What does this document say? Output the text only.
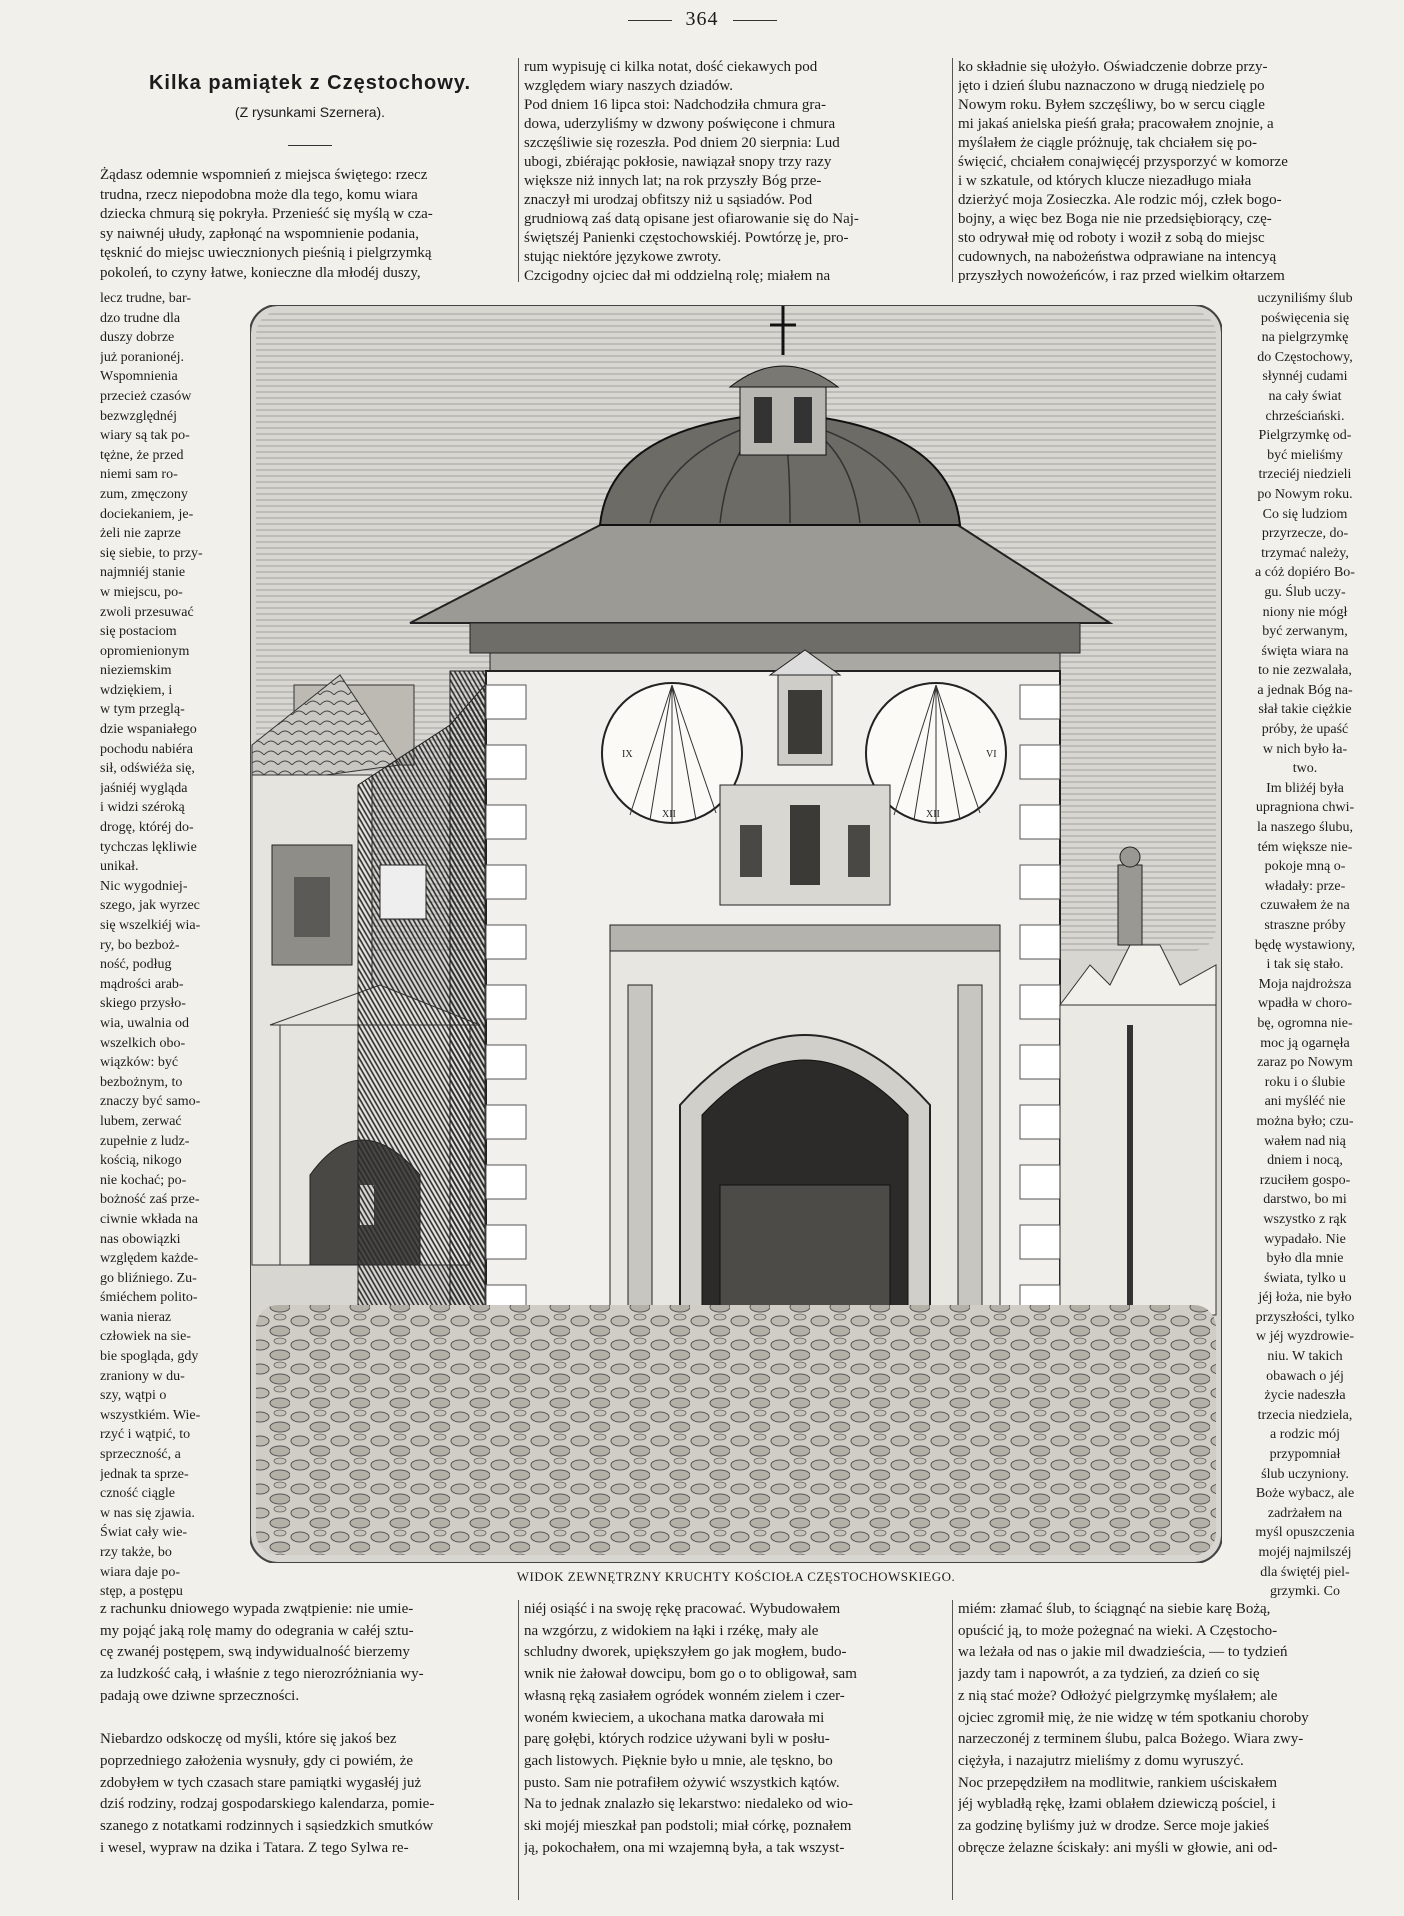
364
Kilka pamiątek z Częstochowy.
(Z rysunkami Szernera).

Żądasz odemnie wspomnień z miejsca świętego: rzecz
trudna, rzecz niepodobna może dla tego, komu wiara
dziecka chmurą się pokryła. Przenieść się myślą w cza-
sy naiwnéj ułudy, zapłonąć na wspomnienie podania,
tęsknić do miejsc uwiecznionych pieśnią i pielgrzymką
pokoleń, to czyny łatwe, konieczne dla młodéj duszy,

lecz trudne, bar-
dzo trudne dla
duszy dobrze
już poranionéj.
Wspomnienia
przecież czasów
bezwzględnéj
wiary są tak po-
tężne, że przed
niemi sam ro-
zum, zmęczony
dociekaniem, je-
żeli nie zaprze
się siebie, to przy-
najmniéj stanie
w miejscu, po-
zwoli przesuwać
się postaciom
opromienionym
nieziemskim
wdziękiem, i
w tym przeglą-
dzie wspaniałego
pochodu nabiéra
sił, odświéża się,
jaśniéj wygląda
i widzi széroką
drogę, któréj do-
tychczas lękliwie
unikał.
Nic wygodniej-
szego, jak wyrzec
się wszelkiéj wia-
ry, bo bezboż-
ność, podług
mądrości arab-
skiego przysło-
wia, uwalnia od
wszelkich obo-
wiązków: być
bezbożnym, to
znaczy być samo-
lubem, zerwać
zupełnie z ludz-
kością, nikogo
nie kochać; po-
bożność zaś prze-
ciwnie wkłada na
nas obowiązki
względem każde-
go bliźniego. Zu-
śmiéchem polito-
wania nieraz
człowiek na sie-
bie spogląda, gdy
zraniony w du-
szy, wątpi o
wszystkiém. Wie-
rzyć i wątpić, to
sprzeczność, a
jednak ta sprze-
czność ciągle
w nas się zjawia.
Świat cały wie-
rzy także, bo
wiara daje po-
stęp, a postępu

rum wypisuję ci kilka notat, dość ciekawych pod
względem wiary naszych dziadów.
Pod dniem 16 lipca stoi: Nadchodziła chmura gra-
dowa, uderzyliśmy w dzwony poświęcone i chmura
szczęśliwie się rozeszła. Pod dniem 20 sierpnia: Lud
ubogi, zbiérając pokłosie, nawiązał snopy trzy razy
większe niż innych lat; na rok przyszły Bóg prze-
znaczył mi urodzaj obfitszy niż u sąsiadów. Pod
grudniową zaś datą opisane jest ofiarowanie się do Naj-
świętszéj Panienki częstochowskiéj. Powtórzę je, pro-
stując niektóre językowe zwroty.
Czcigodny ojciec dał mi oddzielną rolę; miałem na

ko składnie się ułożyło. Oświadczenie dobrze przy-
jęto i dzień ślubu naznaczono w drugą niedzielę po
Nowym roku. Byłem szczęśliwy, bo w sercu ciągle
mi jakaś anielska pieśń grała; pracowałem znojnie, a
myślałem że ciągle próżnuję, tak chciałem się po-
święcić, chciałem conajwięcéj przysporzyć w komorze
i w szkatule, od których klucze niezadługo miała
dzierżyć moja Zosieczka. Ale rodzic mój, człek bogo-
bojny, a więc bez Boga nie nie przedsiębiorący, czę-
sto odrywał mię od roboty i woził z sobą do miejsc
cudownych, na nabożeństwa odprawiane na intencyą
przyszłych nowożeńców, i raz przed wielkim ołtarzem

uczyniliśmy ślub
poświęcenia się
na pielgrzymkę
do Częstochowy,
słynnéj cudami
na cały świat
chrześciański.
Pielgrzymkę od-
być mieliśmy
trzeciéj niedzieli
po Nowym roku.
Co się ludziom
przyrzecze, do-
trzymać należy,
a cóż dopiéro Bo-
gu. Ślub uczy-
niony nie mógł
być zerwanym,
święta wiara na
to nie zezwalała,
a jednak Bóg na-
słał takie ciężkie
próby, że upaść
w nich było ła-
two.
Im bliżéj była
upragniona chwi-
la naszego ślubu,
tém większe nie-
pokoje mną o-
władały: prze-
czuwałem że na
straszne próby
będę wystawiony,
i tak się stało.
Moja najdroższa
wpadła w choro-
bę, ogromna nie-
moc ją ogarnęła
zaraz po Nowym
roku i o ślubie
ani myśléć nie
można było; czu-
wałem nad nią
dniem i nocą,
rzuciłem gospo-
darstwo, bo mi
wszystko z rąk
wypadało. Nie
było dla mnie
świata, tylko u
jéj łoża, nie było
przyszłości, tylko
w jéj wyzdrowie-
niu. W takich
obawach o jéj
życie nadeszła
trzecia niedziela,
a rodzic mój
przypomniał
ślub uczyniony.
Boże wybacz, ale
zadrżałem na
myśl opuszczenia
mojéj najmilszéj
dla świętéj piel-
grzymki. Co

IX
XII	XII
VI
WIDOK ZEWNĘTRZNY KRUCHTY KOŚCIOŁA CZĘSTOCHOWSKIEGO.

z rachunku dniowego wypada zwątpienie: nie umie-
my pojąć jaką rolę mamy do odegrania w całéj sztu-
cę zwanéj postępem, swą indywidualność bierzemy
za ludzkość całą, i właśnie z tego nierozróżniania wy-
padają owe dziwne sprzeczności.

Niebardzo odskoczę od myśli, które się jakoś bez
poprzedniego założenia wysnuły, gdy ci powiém, że
zdobyłem w tych czasach stare pamiątki wygasłéj już
dziś rodziny, rodzaj gospodarskiego kalendarza, pomie-
szanego z notatkami rodzinnych i sąsiedzkich smutków
i wesel, wypraw na dzika i Tatara. Z tego Sylwa re-

niéj osiąść i na swoję rękę pracować. Wybudowałem
na wzgórzu, z widokiem na łąki i rzékę, mały ale
schludny dworek, upiększyłem go jak mogłem, budo-
wnik nie żałował dowcipu, bom go o to obligował, sam
własną ręką zasiałem ogródek wonném zielem i czer-
woném kwieciem, a ukochana matka darowała mi
parę gołębi, których rodzice używani byli w posłu-
gach listowych. Pięknie było u mnie, ale tęskno, bo
pusto. Sam nie potrafiłem ożywić wszystkich kątów.
Na to jednak znalazło się lekarstwo: niedaleko od wio-
ski mojéj mieszkał pan podstoli; miał córkę, poznałem
ją, pokochałem, ona mi wzajemną była, a tak wszyst-

miém: złamać ślub, to ściągnąć na siebie karę Bożą,
opuścić ją, to może pożegnać na wieki. A Częstocho-
wa leżała od nas o jakie mil dwadzieścia, — to tydzień
jazdy tam i napowrót, a za tydzień, za dzień co się
z nią stać może? Odłożyć pielgrzymkę myślałem; ale
ojciec zgromił mię, że nie widzę w tém spotkaniu choroby
narzeczonéj z terminem ślubu, palca Bożego. Wiara zwy-
ciężyła, i nazajutrz mieliśmy z domu wyruszyć.
Noc przepędziłem na modlitwie, rankiem uściskałem
jéj wybladłą rękę, łzami oblałem dziewiczą pościel, i
za godzinę byliśmy już w drodze. Serce moje jakieś
obręcze żelazne ściskały: ani myśli w głowie, ani od-
